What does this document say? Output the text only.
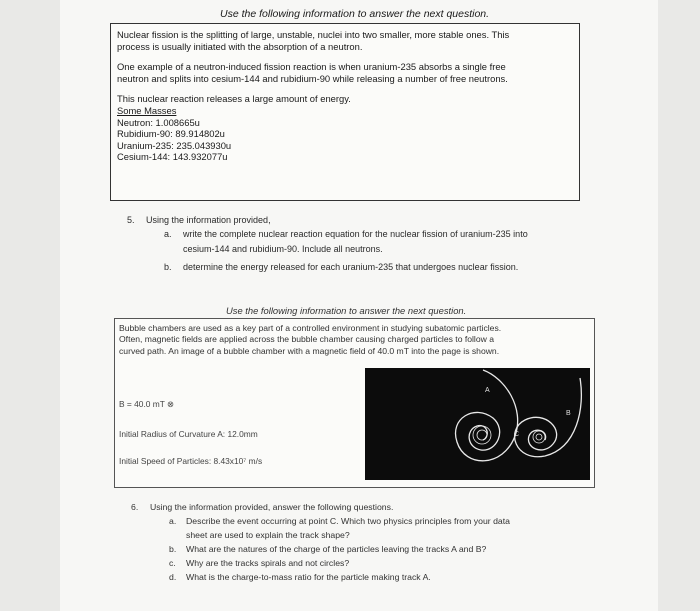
Use the following information to answer the next question.

Nuclear fission is the splitting of large, unstable, nuclei into two smaller, more stable ones. This
process is usually initiated with the absorption of a neutron.

One example of a neutron-induced fission reaction is when uranium-235 absorbs a single free
neutron and splits into cesium-144 and rubidium-90 while releasing a number of free neutrons.

This nuclear reaction releases a large amount of energy.
Some Masses
Neutron: 1.008665u
Rubidium-90: 89.914802u
Uranium-235: 235.043930u
Cesium-144: 143.932077u
5. Using the information provided,
a. write the complete nuclear reaction equation for the nuclear fission of uranium-235 into
cesium-144 and rubidium-90. Include all neutrons.
b. determine the energy released for each uranium-235 that undergoes nuclear fission.
Use the following information to answer the next question.
Bubble chambers are used as a key part of a controlled environment in studying subatomic particles.
Often, magnetic fields are applied across the bubble chamber causing charged particles to follow a
curved path. An image of a bubble chamber with a magnetic field of 40.0 mT into the page is shown.
B = 40.0 mT ⊗
Initial Radius of Curvature A: 12.0mm
Initial Speed of Particles: 8.43x10⁷ m/s
A
B
C
6. Using the information provided, answer the following questions.
a. Describe the event occurring at point C. Which two physics principles from your data
sheet are used to explain the track shape?
b. What are the natures of the charge of the particles leaving the tracks A and B?
c. Why are the tracks spirals and not circles?
d. What is the charge-to-mass ratio for the particle making track A.
